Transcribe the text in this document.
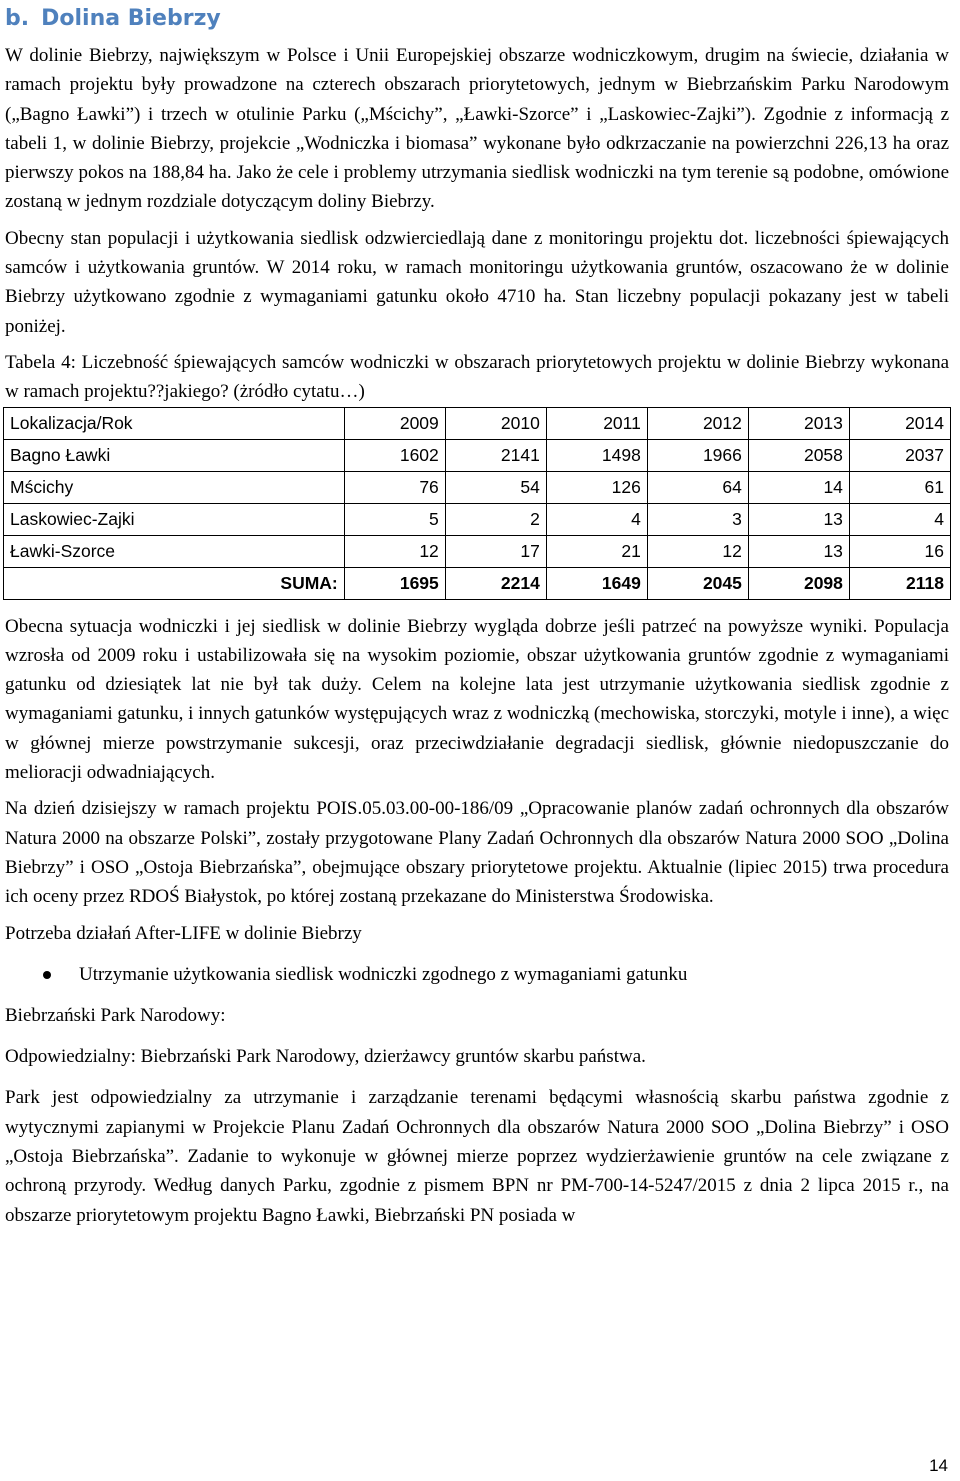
b. Dolina Biebrzy

W dolinie Biebrzy, największym w Polsce i Unii Europejskiej obszarze wodniczkowym, drugim na świecie, działania w ramach projektu były prowadzone na czterech obszarach priorytetowych, jednym w Biebrzańskim Parku Narodowym („Bagno Ławki”) i trzech w otulinie Parku („Mścichy”, „Ławki-Szorce” i „Laskowiec-Zajki”). Zgodnie z informacją z tabeli 1, w dolinie Biebrzy, projekcie „Wodniczka i biomasa” wykonane było odkrzaczanie na powierzchni 226,13 ha oraz pierwszy pokos na 188,84 ha. Jako że cele i problemy utrzymania siedlisk wodniczki na tym terenie są podobne, omówione zostaną w jednym rozdziale dotyczącym doliny Biebrzy.

Obecny stan populacji i użytkowania siedlisk odzwierciedlają dane z monitoringu projektu dot. liczebności śpiewających samców i użytkowania gruntów. W 2014 roku, w ramach monitoringu użytkowania gruntów, oszacowano że w dolinie Biebrzy użytkowano zgodnie z wymaganiami gatunku około 4710 ha. Stan liczebny populacji pokazany jest w tabeli poniżej.

Tabela 4: Liczebność śpiewających samców wodniczki w obszarach priorytetowych projektu w dolinie Biebrzy wykonana w ramach projektu??jakiego? (żródło cytatu…)

Lokalizacja/Rok	2009	2010	2011	2012	2013	2014
Bagno Ławki	1602	2141	1498	1966	2058	2037
Mścichy	76	54	126	64	14	61
Laskowiec-Zajki	5	2	4	3	13	4
Ławki-Szorce	12	17	21	12	13	16
SUMA:	1695	2214	1649	2045	2098	2118

Obecna sytuacja wodniczki i jej siedlisk w dolinie Biebrzy wygląda dobrze jeśli patrzeć na powyższe wyniki. Populacja wzrosła od 2009 roku i ustabilizowała się na wysokim poziomie, obszar użytkowania gruntów zgodnie z wymaganiami gatunku od dziesiątek lat nie był tak duży. Celem na kolejne lata jest utrzymanie użytkowania siedlisk zgodnie z wymaganiami gatunku, i innych gatunków występujących wraz z wodniczką (mechowiska, storczyki, motyle i inne), a więc w głównej mierze powstrzymanie sukcesji, oraz przeciwdziałanie degradacji siedlisk, głównie niedopuszczanie do melioracji odwadniających.

Na dzień dzisiejszy w ramach projektu POIS.05.03.00-00-186/09 „Opracowanie planów zadań ochronnych dla obszarów Natura 2000 na obszarze Polski”, zostały przygotowane Plany Zadań Ochronnych dla obszarów Natura 2000 SOO „Dolina Biebrzy” i OSO „Ostoja Biebrzańska”, obejmujące obszary priorytetowe projektu. Aktualnie (lipiec 2015) trwa procedura ich oceny przez RDOŚ Białystok, po której zostaną przekazane do Ministerstwa Środowiska.

Potrzeba działań After-LIFE w dolinie Biebrzy

Utrzymanie użytkowania siedlisk wodniczki zgodnego z wymaganiami gatunku

Biebrzański Park Narodowy:

Odpowiedzialny: Biebrzański Park Narodowy, dzierżawcy gruntów skarbu państwa.

Park jest odpowiedzialny za utrzymanie i zarządzanie terenami będącymi własnością skarbu państwa zgodnie z wytycznymi zapianymi w Projekcie Planu Zadań Ochronnych dla obszarów Natura 2000 SOO „Dolina Biebrzy” i OSO „Ostoja Biebrzańska”. Zadanie to wykonuje w głównej mierze poprzez wydzierżawienie gruntów na cele związane z ochroną przyrody. Według danych Parku, zgodnie z pismem BPN nr PM-700-14-5247/2015 z dnia 2 lipca 2015 r., na obszarze priorytetowym projektu Bagno Ławki, Biebrzański PN posiada w

14
